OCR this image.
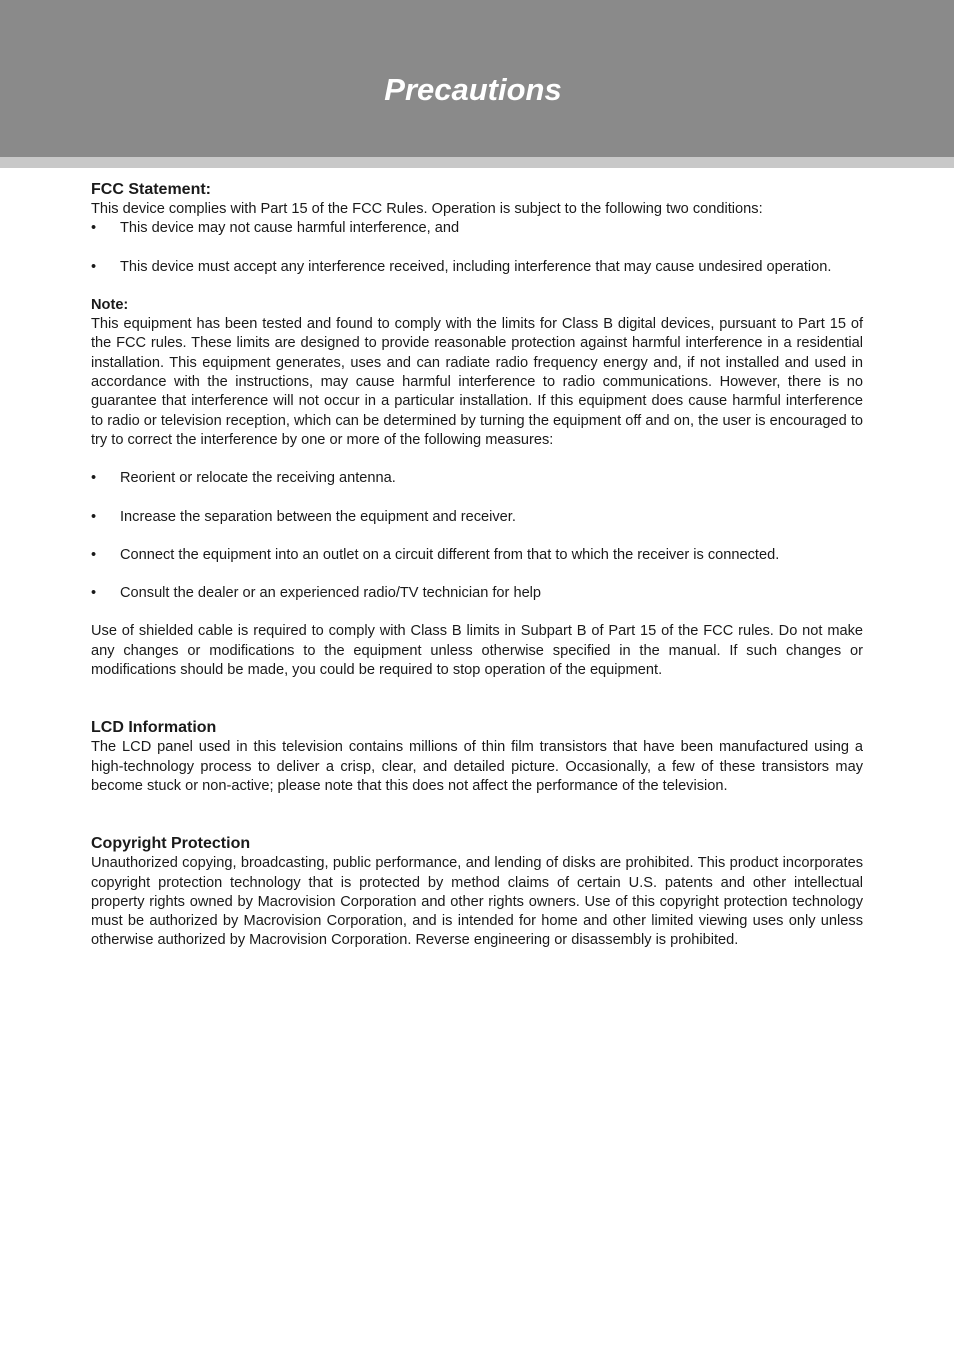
Precautions
FCC Statement:

This device complies with Part 15 of the FCC Rules. Operation is subject to the following two conditions:

• This device may not cause harmful interference, and
• This device must accept any interference received, including interference that may cause undesired operation.
Note:

This equipment has been tested and found to comply with the limits for Class B digital devices, pursuant to Part 15 of the FCC rules. These limits are designed to provide reasonable protection against harmful interference in a residential installation. This equipment generates, uses and can radiate radio frequency energy and, if not installed and used in accordance with the instructions, may cause harmful interference to radio communications. However, there is no guarantee that interference will not occur in a particular installation. If this equipment does cause harmful interference to radio or television reception, which can be determined by turning the equipment off and on, the user is encouraged to try to correct the interference by one or more of the following measures:

• Reorient or relocate the receiving antenna.
• Increase the separation between the equipment and receiver.
• Connect the equipment into an outlet on a circuit different from that to which the receiver is connected.
• Consult the dealer or an experienced radio/TV technician for help

Use of shielded cable is required to comply with Class B limits in Subpart B of Part 15 of the FCC rules. Do not make any changes or modifications to the equipment unless otherwise specified in the manual. If such changes or modifications should be made, you could be required to stop operation of the equipment.

LCD Information

The LCD panel used in this television contains millions of thin film transistors that have been manufactured using a high-technology process to deliver a crisp, clear, and detailed picture. Occasionally, a few of these transistors may become stuck or non-active; please note that this does not affect the performance of the television.

Copyright Protection

Unauthorized copying, broadcasting, public performance, and lending of disks are prohibited. This product incorporates copyright protection technology that is protected by method claims of certain U.S. patents and other intellectual property rights owned by Macrovision Corporation and other rights owners. Use of this copyright protection technology must be authorized by Macrovision Corporation, and is intended for home and other limited viewing uses only unless otherwise authorized by Macrovision Corporation. Reverse engineering or disassembly is prohibited.
